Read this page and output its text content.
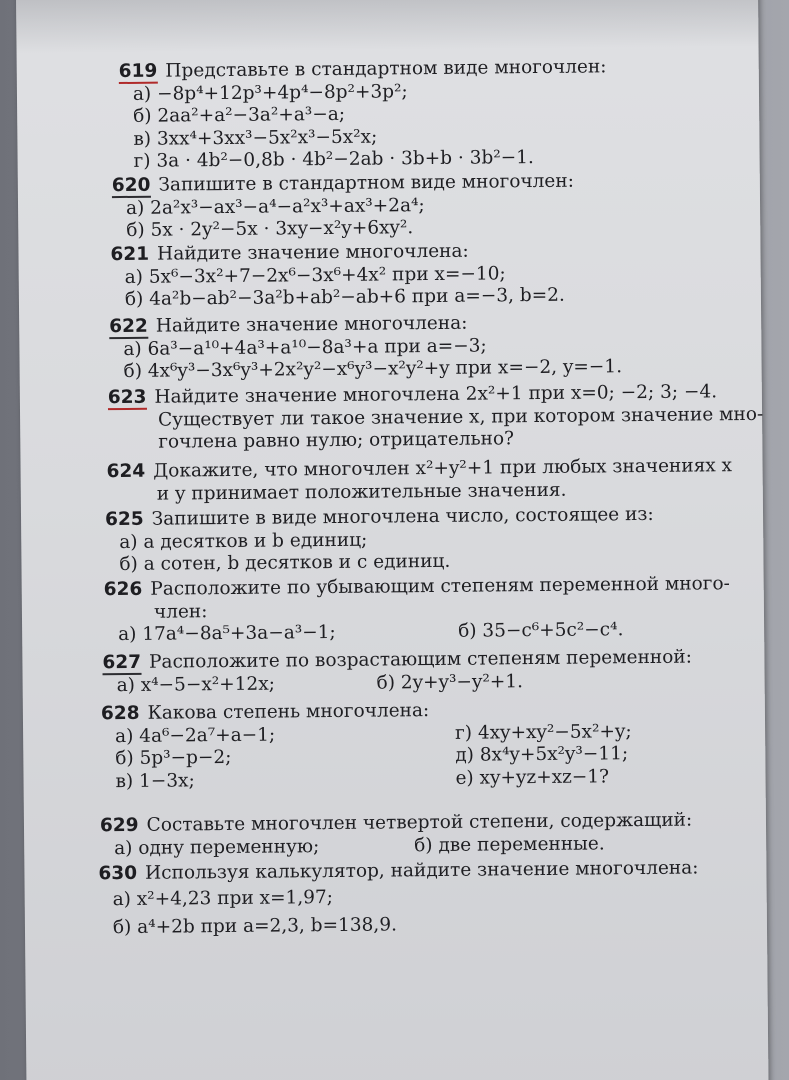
619 Представьте в стандартном виде многочлен:
а) −8p⁴+12p³+4p⁴−8p²+3p²;
б) 2aa²+a²−3a²+a³−a;
в) 3xx⁴+3xx³−5x²x³−5x²x;
г) 3a · 4b²−0,8b · 4b²−2ab · 3b+b · 3b²−1.
620 Запишите в стандартном виде многочлен:
а) 2a²x³−ax³−a⁴−a²x³+ax³+2a⁴;
б) 5x · 2y²−5x · 3xy−x²y+6xy².
621 Найдите значение многочлена:
а) 5x⁶−3x²+7−2x⁶−3x⁶+4x² при x=−10;
б) 4a²b−ab²−3a²b+ab²−ab+6 при a=−3, b=2.
622 Найдите значение многочлена:
а) 6a³−a¹⁰+4a³+a¹⁰−8a³+a при a=−3;
б) 4x⁶y³−3x⁶y³+2x²y²−x⁶y³−x²y²+y при x=−2, y=−1.
623 Найдите значение многочлена 2x²+1 при x=0; −2; 3; −4.
Существует ли такое значение x, при котором значение мно-
гочлена равно нулю; отрицательно?
624 Докажите, что многочлен x²+y²+1 при любых значениях x
и y принимает положительные значения.
625 Запишите в виде многочлена число, состоящее из:
а) a десятков и b единиц;
б) a сотен, b десятков и c единиц.
626 Расположите по убывающим степеням переменной много-
член:
а) 17a⁴−8a⁵+3a−a³−1;	б) 35−c⁶+5c²−c⁴.
627 Расположите по возрастающим степеням переменной:
а) x⁴−5−x²+12x;	б) 2y+y³−y²+1.
628 Какова степень многочлена:
а) 4a⁶−2a⁷+a−1;	г) 4xy+xy²−5x²+y;
б) 5p³−p−2;	д) 8x⁴y+5x²y³−11;
в) 1−3x;	е) xy+yz+xz−1?
629 Составьте многочлен четвертой степени, содержащий:
а) одну переменную;	б) две переменные.
630 Используя калькулятор, найдите значение многочлена:
а) x²+4,23 при x=1,97;
б) a⁴+2b при a=2,3, b=138,9.
